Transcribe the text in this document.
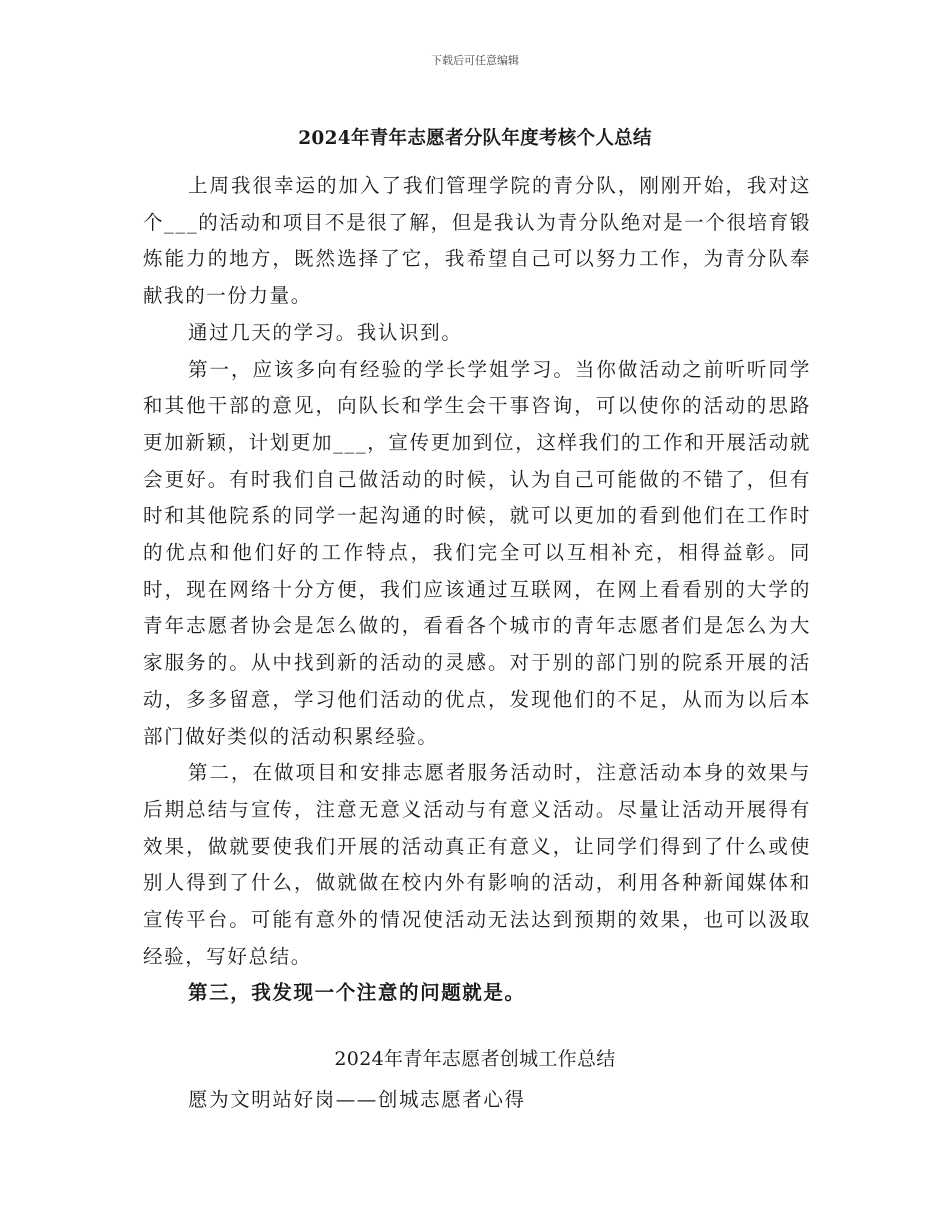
下载后可任意编辑
2024年青年志愿者分队年度考核个人总结

上周我很幸运的加入了我们管理学院的青分队，刚刚开始，我对这个___的活动和项目不是很了解，但是我认为青分队绝对是一个很培育锻炼能力的地方，既然选择了它，我希望自己可以努力工作，为青分队奉献我的一份力量。

通过几天的学习。我认识到。

第一，应该多向有经验的学长学姐学习。当你做活动之前听听同学和其他干部的意见，向队长和学生会干事咨询，可以使你的活动的思路更加新颖，计划更加___，宣传更加到位，这样我们的工作和开展活动就会更好。有时我们自己做活动的时候，认为自己可能做的不错了，但有时和其他院系的同学一起沟通的时候，就可以更加的看到他们在工作时的优点和他们好的工作特点，我们完全可以互相补充，相得益彰。同时，现在网络十分方便，我们应该通过互联网，在网上看看别的大学的青年志愿者协会是怎么做的，看看各个城市的青年志愿者们是怎么为大家服务的。从中找到新的活动的灵感。对于别的部门别的院系开展的活动，多多留意，学习他们活动的优点，发现他们的不足，从而为以后本部门做好类似的活动积累经验。

第二，在做项目和安排志愿者服务活动时，注意活动本身的效果与后期总结与宣传，注意无意义活动与有意义活动。尽量让活动开展得有效果，做就要使我们开展的活动真正有意义，让同学们得到了什么或使别人得到了什么，做就做在校内外有影响的活动，利用各种新闻媒体和宣传平台。可能有意外的情况使活动无法达到预期的效果，也可以汲取经验，写好总结。

第三，我发现一个注意的问题就是。

2024年青年志愿者创城工作总结

愿为文明站好岗——创城志愿者心得
